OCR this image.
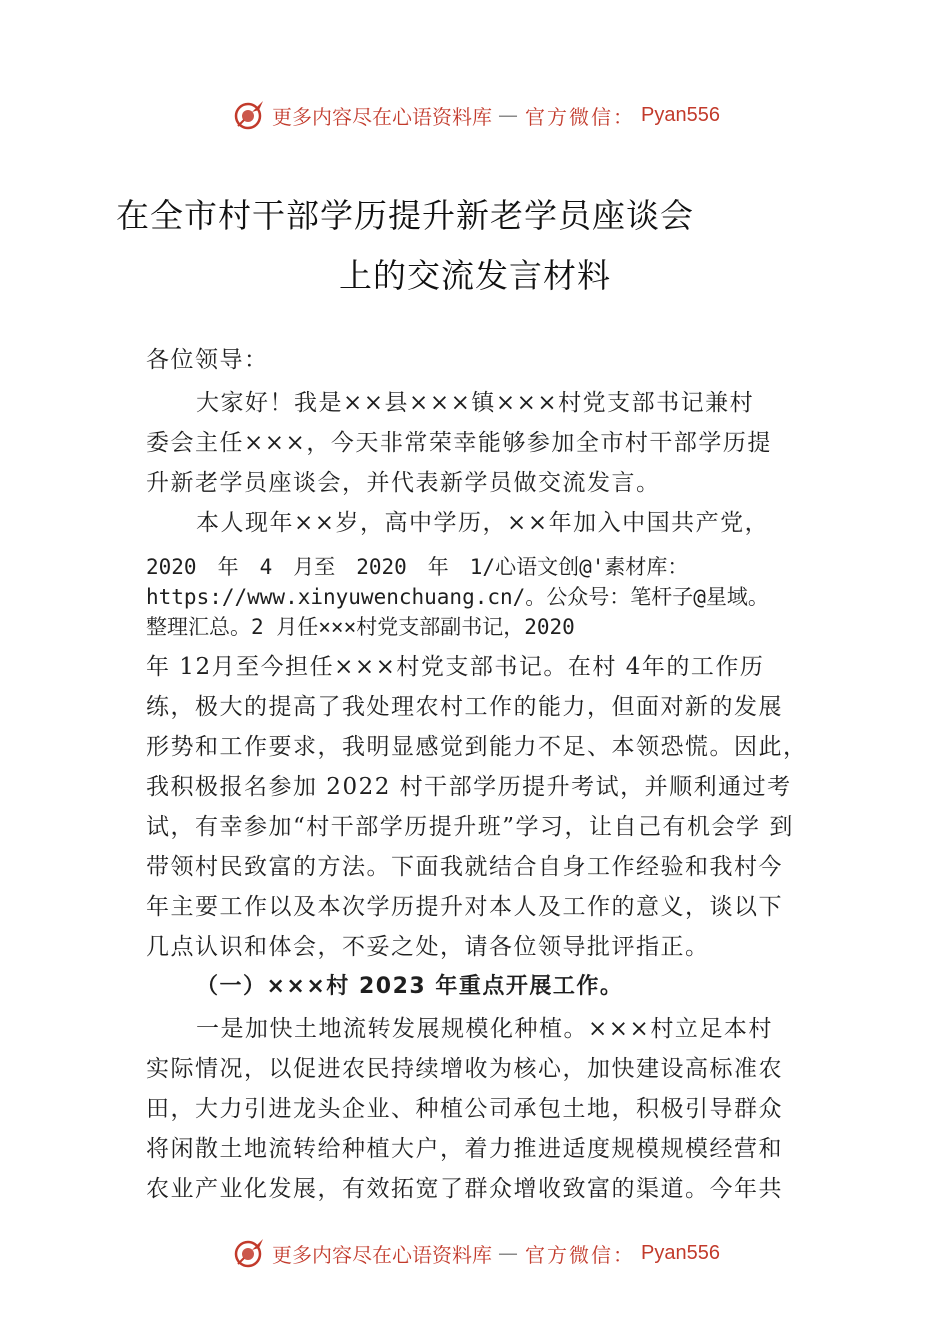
更多内容尽在心语资料库 — 官方微信： Pyan556
在全市村干部学历提升新老学员座谈会
上的交流发言材料
各位领导：
大家好！我是××县×××镇×××村党支部书记兼村
委会主任×××，今天非常荣幸能够参加全市村干部学历提
升新老学员座谈会，并代表新学员做交流发言。
本人现年××岁，高中学历，××年加入中国共产党，
2020　年　4　月至　2020　年　1/心语文创@'素材库：
https://www.xinyuwenchuang.cn/。公众号：笔杆子@星域。
整理汇总。2 月任×××村党支部副书记，2020
年 12月至今担任×××村党支部书记。在村 4年的工作历
练，极大的提高了我处理农村工作的能力，但面对新的发展
形势和工作要求，我明显感觉到能力不足、本领恐慌。因此，
我积极报名参加 2022 村干部学历提升考试，并顺利通过考
试，有幸参加“村干部学历提升班”学习，让自己有机会学 到
带领村民致富的方法。下面我就结合自身工作经验和我村今
年主要工作以及本次学历提升对本人及工作的意义，谈以下
几点认识和体会，不妥之处，请各位领导批评指正。
（一）×××村 2023 年重点开展工作。
一是加快土地流转发展规模化种植。×××村立足本村
实际情况，以促进农民持续增收为核心，加快建设高标准农
田，大力引进龙头企业、种植公司承包土地，积极引导群众
将闲散土地流转给种植大户，着力推进适度规模规模经营和
农业产业化发展，有效拓宽了群众增收致富的渠道。今年共
更多内容尽在心语资料库 — 官方微信： Pyan556
